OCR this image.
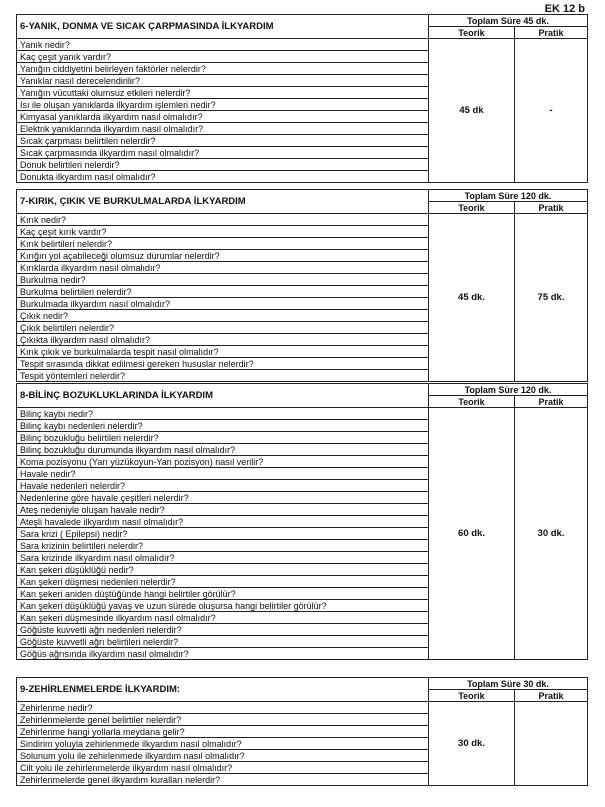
EK 12 b
6-YANIK, DONMA VE SICAK ÇARPMASINDA İLKYARDIM	Toplam Süre 45 dk.	
	Teorik	Pratik
Yanık nedir?	45 dk	-
Kaç çeşit yanık vardır?		
Yanığın ciddiyetini belirleyen faktörler nelerdir?		
Yanıklar nasıl derecelendirilir?		
Yanığın vücuttaki olumsuz etkileri nelerdir?		
Isı ile oluşan yanıklarda ilkyardım işlemleri nedir?		
Kimyasal yanıklarda ilkyardım nasıl olmalıdır?		
Elektrik yanıklarında ilkyardım nasıl olmalıdır?		
Sıcak çarpması belirtileri nelerdir?		
Sıcak çarpmasında ilkyardım nasıl olmalıdır?		
Donuk belirtileri nelerdir?		
Donukta ilkyardım nasıl olmalıdır?		
7-KIRIK, ÇIKIK VE BURKULMALARDA İLKYARDIM	Toplam Süre 120 dk.	
	Teorik	Pratik
Kırık nedir?	45 dk.	75 dk.
Kaç çeşit kırık vardır?		
Kırık belirtileri nelerdir?		
Kırığın yol açabileceği olumsuz durumlar nelerdir?		
Kırıklarda ilkyardım nasıl olmalıdır?		
Burkulma nedir?		
Burkulma belirtileri nelerdir?		
Burkulmada ilkyardım nasıl olmalıdır?		
Çıkık nedir?		
Çıkık belirtileri nelerdir?		
Çıkıkta ilkyardım nasıl olmalıdır?		
Kırık çıkık ve burkulmalarda tespit nasıl olmalıdır?		
Tespit sırasında dikkat edilmesi gereken hususlar nelerdir?		
Tespit yöntemleri nelerdir?		
8-BİLİNÇ BOZUKLUKLARINDA İLKYARDIM	Toplam Süre 120 dk.	
	Teorik	Pratik
Bilinç kaybı nedir?	60 dk.	30 dk.
Bilinç kaybı nedenleri nelerdir?		
Bilinç bozukluğu belirtileri nelerdir?		
Bilinç bozukluğu durumunda ilkyardım nasıl olmalıdır?		
Koma pozisyonu (Yarı yüzükoyun-Yan pozisyon) nasıl verilir?		
Havale nedir?		
Havale nedenleri nelerdir?		
Nedenlerine göre havale çeşitleri nelerdir?		
Ateş nedeniyle oluşan havale nedir?		
Ateşli havalede ilkyardım nasıl olmalıdır?		
Sara krizi ( Epilepsi) nedir?		
Sara krizinin belirtileri nelerdir?		
Sara krizinde ilkyardım nasıl olmalıdır?		
Kan şekeri düşüklüğü nedir?		
Kan şekeri düşmesi nedenleri nelerdir?		
Kan şekeri aniden düştüğünde hangi belirtiler görülür?		
Kan şekeri düşüklüğü yavaş ve uzun sürede oluşursa hangi belirtiler görülür?		
Kan şekeri düşmesinde ilkyardım nasıl olmalıdır?		
Göğüste kuvvetli ağrı nedenleri nelerdir?		
Göğüste kuvvetli ağrı belirtileri nelerdir?		
Göğüs ağrısında ilkyardım nasıl olmalıdır?		
9-ZEHİRLENMELERDE İLKYARDIM:	Toplam Süre 30 dk.	
	Teorik	Pratik
Zehirlenme nedir?	30 dk.	
Zehirlenmelerde genel belirtiler nelerdir?		
Zehirlenme hangi yollarla meydana gelir?		
Sindirim yoluyla zehirlenmede ilkyardım nasıl olmalıdır?		
Solunum yolu ile zehirlenmede ilkyardım nasıl olmalıdır?		
Cilt yolu ile zehirlenmelerde ilkyardım nasıl olmalıdır?		
Zehirlenmelerde genel ilkyardım kuralları nelerdir?		
